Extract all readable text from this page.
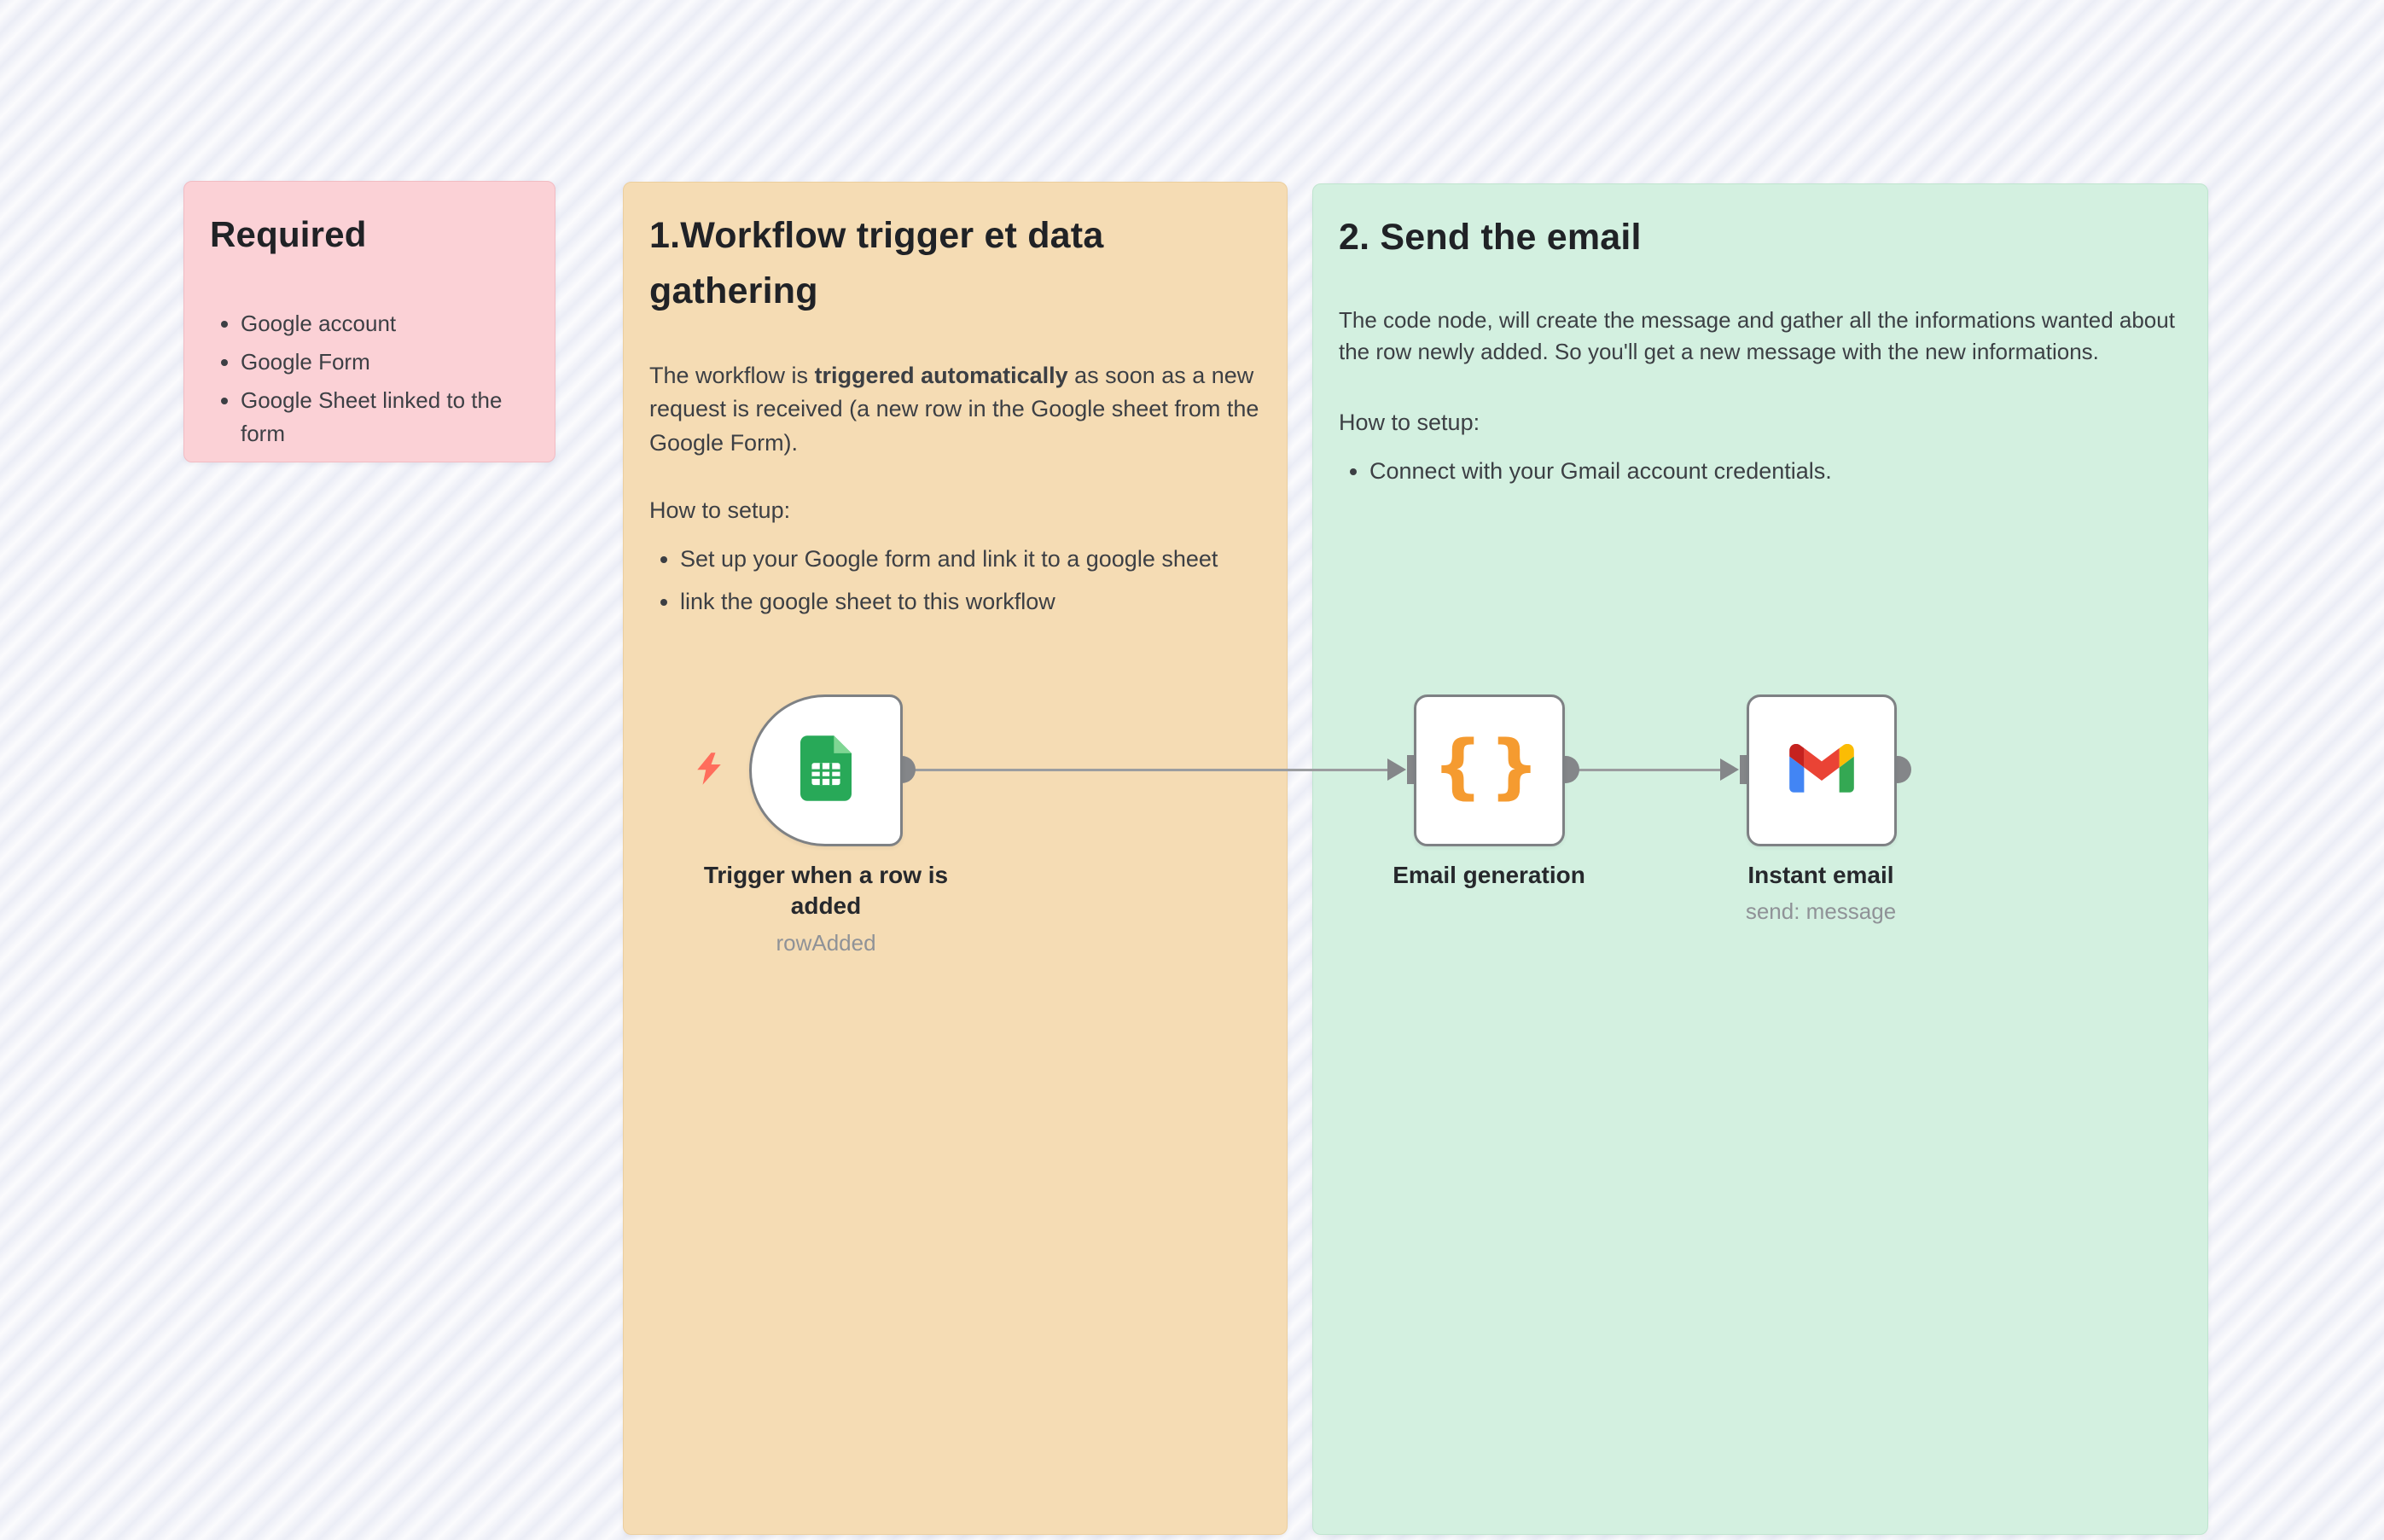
Required
• Google account
• Google Form
• Google Sheet linked to the form
1.Workflow trigger et data gathering

The workflow is triggered automatically as soon as a new request is received (a new row in the Google sheet from the Google Form).

How to setup:

• Set up your Google form and link it to a google sheet
• link the google sheet to this workflow
2. Send the email

The code node, will create the message and gather all the informations wanted about the row newly added. So you'll get a new message with the new informations.

How to setup:

• Connect with your Gmail account credentials.
{}
Trigger when a row is added
rowAdded
Email generation	Instant email
send: message
